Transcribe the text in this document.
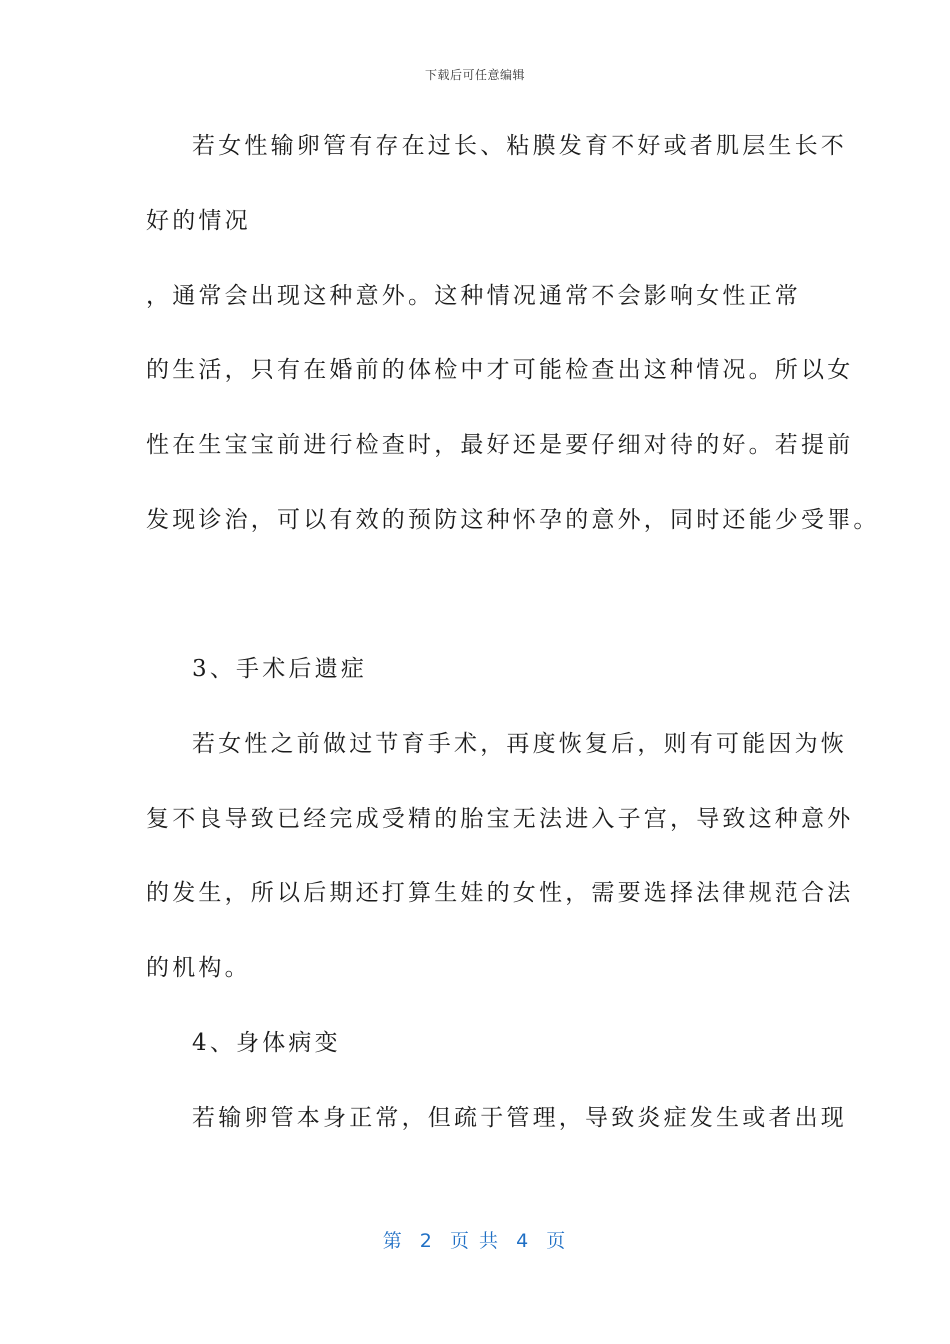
下载后可任意编辑
若女性输卵管有存在过长、粘膜发育不好或者肌层生长不
好的情况
，通常会出现这种意外。这种情况通常不会影响女性正常
的生活，只有在婚前的体检中才可能检查出这种情况。所以女
性在生宝宝前进行检查时，最好还是要仔细对待的好。若提前
发现诊治，可以有效的预防这种怀孕的意外，同时还能少受罪。
3、手术后遗症
若女性之前做过节育手术，再度恢复后，则有可能因为恢
复不良导致已经完成受精的胎宝无法进入子宫，导致这种意外
的发生，所以后期还打算生娃的女性，需要选择法律规范合法
的机构。
4、身体病变
若输卵管本身正常，但疏于管理，导致炎症发生或者出现
第  2  页 共  4  页
